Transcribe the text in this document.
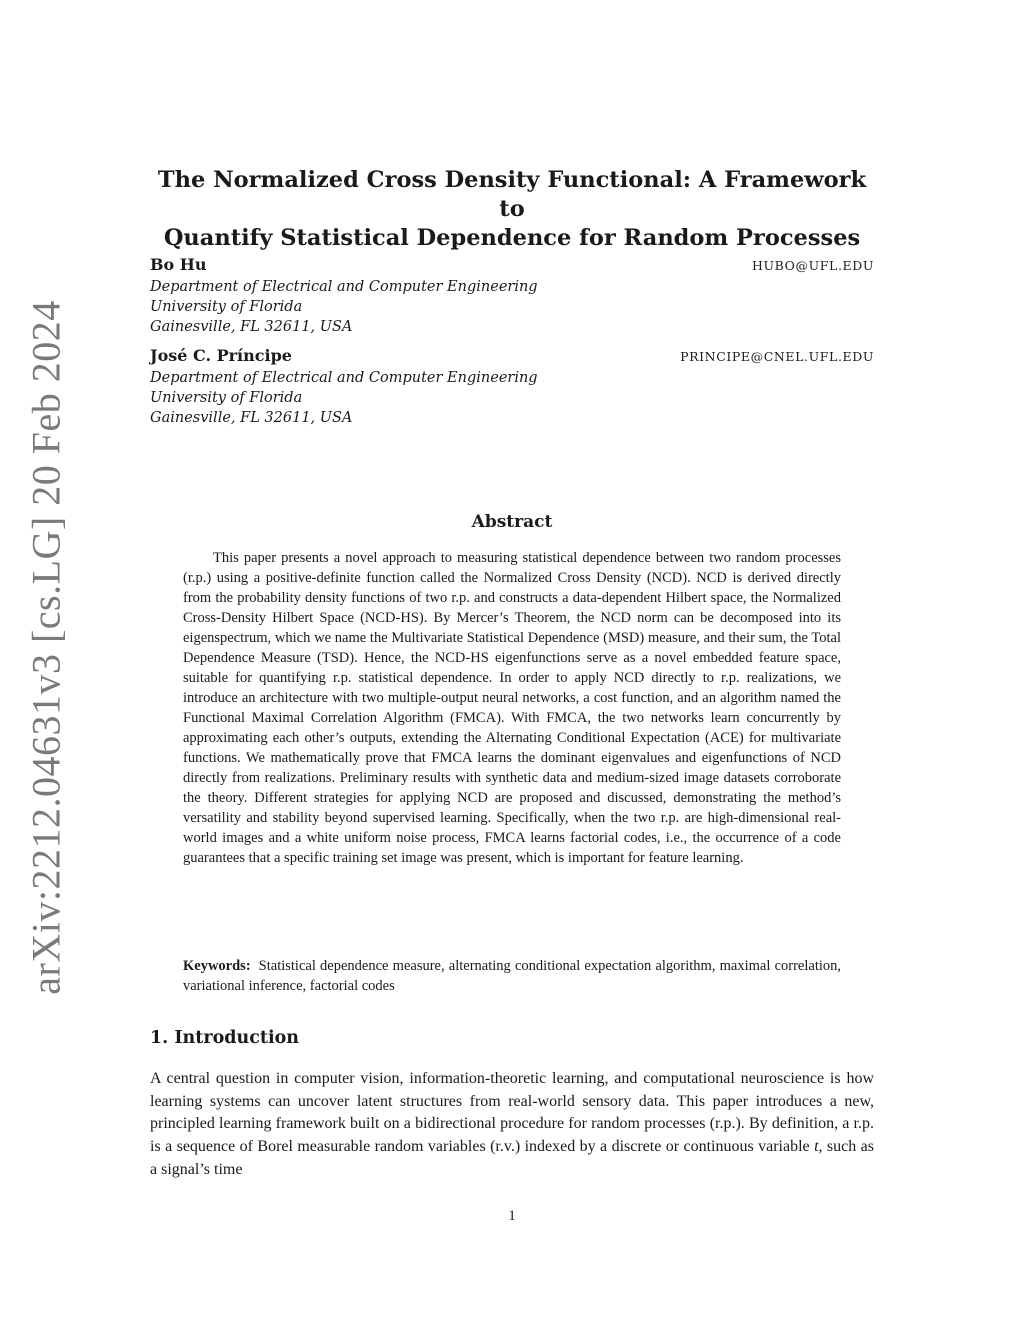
arXiv:2212.04631v3 [cs.LG] 20 Feb 2024
The Normalized Cross Density Functional: A Framework to
Quantify Statistical Dependence for Random Processes
Bo Hu	HUBO@UFL.EDU
Department of Electrical and Computer Engineering
University of Florida
Gainesville, FL 32611, USA
José C. Príncipe	PRINCIPE@CNEL.UFL.EDU
Department of Electrical and Computer Engineering
University of Florida
Gainesville, FL 32611, USA
Abstract
This paper presents a novel approach to measuring statistical dependence between two random processes (r.p.) using a positive-definite function called the Normalized Cross Density (NCD). NCD is derived directly from the probability density functions of two r.p. and constructs a data-dependent Hilbert space, the Normalized Cross-Density Hilbert Space (NCD-HS). By Mercer’s Theorem, the NCD norm can be decomposed into its eigenspectrum, which we name the Multivariate Statistical Dependence (MSD) measure, and their sum, the Total Dependence Measure (TSD). Hence, the NCD-HS eigenfunctions serve as a novel embedded feature space, suitable for quantifying r.p. statistical dependence. In order to apply NCD directly to r.p. realizations, we introduce an architecture with two multiple-output neural networks, a cost function, and an algorithm named the Functional Maximal Correlation Algorithm (FMCA). With FMCA, the two networks learn concurrently by approximating each other’s outputs, extending the Alternating Conditional Expectation (ACE) for multivariate functions. We mathematically prove that FMCA learns the dominant eigenvalues and eigenfunctions of NCD directly from realizations. Preliminary results with synthetic data and medium-sized image datasets corroborate the theory. Different strategies for applying NCD are proposed and discussed, demonstrating the method’s versatility and stability beyond supervised learning. Specifically, when the two r.p. are high-dimensional real-world images and a white uniform noise process, FMCA learns factorial codes, i.e., the occurrence of a code guarantees that a specific training set image was present, which is important for feature learning.
Keywords: Statistical dependence measure, alternating conditional expectation algorithm, maximal correlation, variational inference, factorial codes
1. Introduction
A central question in computer vision, information-theoretic learning, and computational neuroscience is how learning systems can uncover latent structures from real-world sensory data. This paper introduces a new, principled learning framework built on a bidirectional procedure for random processes (r.p.). By definition, a r.p. is a sequence of Borel measurable random variables (r.v.) indexed by a discrete or continuous variable t, such as a signal’s time
1
